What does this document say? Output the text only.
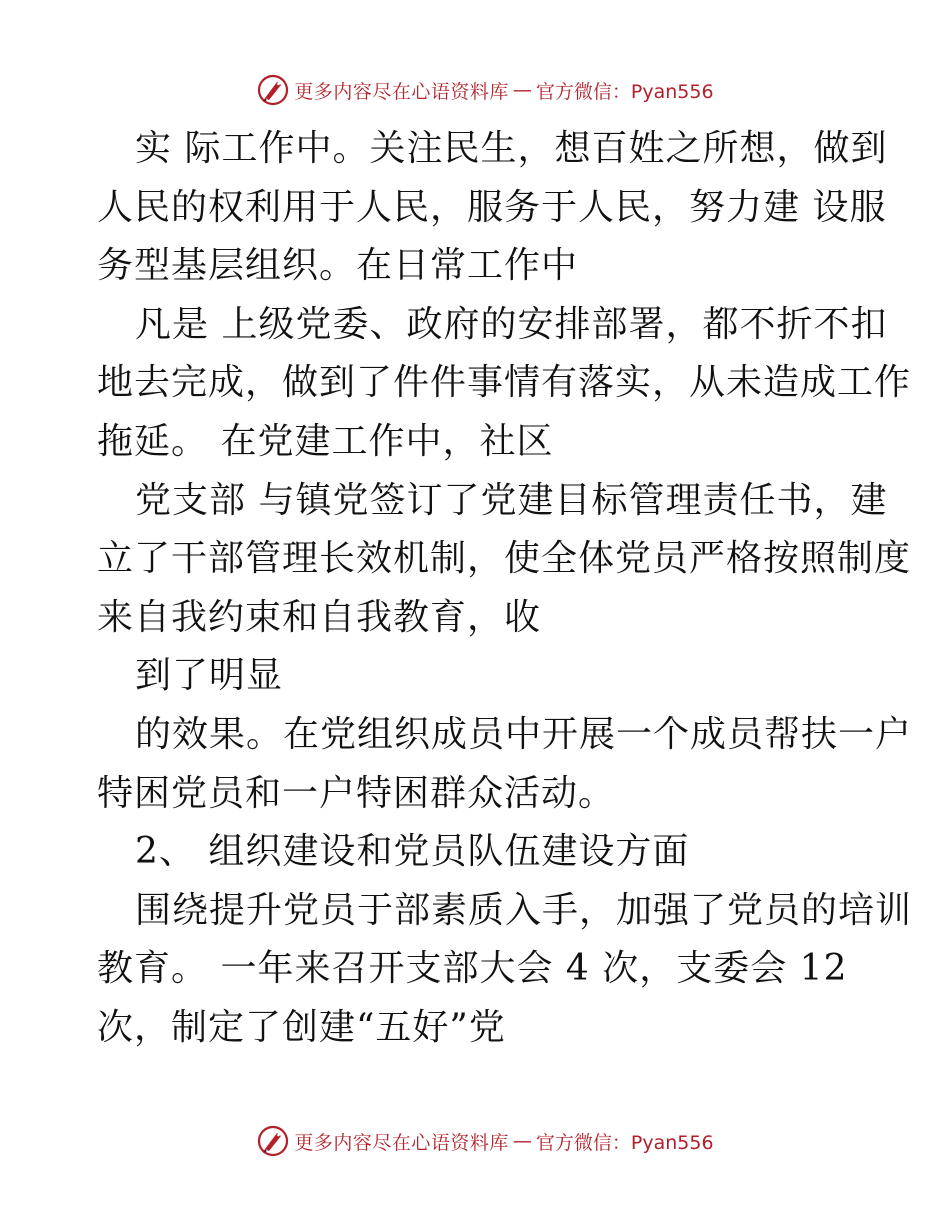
更多内容尽在心语资料库 — 官方微信：Pyan556
实 际工作中。关注民生，想百姓之所想，做到
人民的权利用于人民，服务于人民，努力建 设服
务型基层组织。在日常工作中
凡是 上级党委、政府的安排部署，都不折不扣
地去完成，做到了件件事情有落实，从未造成工作
拖延。 在党建工作中，社区
党支部 与镇党签订了党建目标管理责任书，建
立了干部管理长效机制，使全体党员严格按照制度
来自我约束和自我教育，收
到了明显
的效果。在党组织成员中开展一个成员帮扶一户
特困党员和一户特困群众活动。
2、 组织建设和党员队伍建设方面
围绕提升党员于部素质入手，加强了党员的培训
教育。 一年来召开支部大会 4 次，支委会 12
次，制定了创建“五好”党
更多内容尽在心语资料库 — 官方微信：Pyan556
